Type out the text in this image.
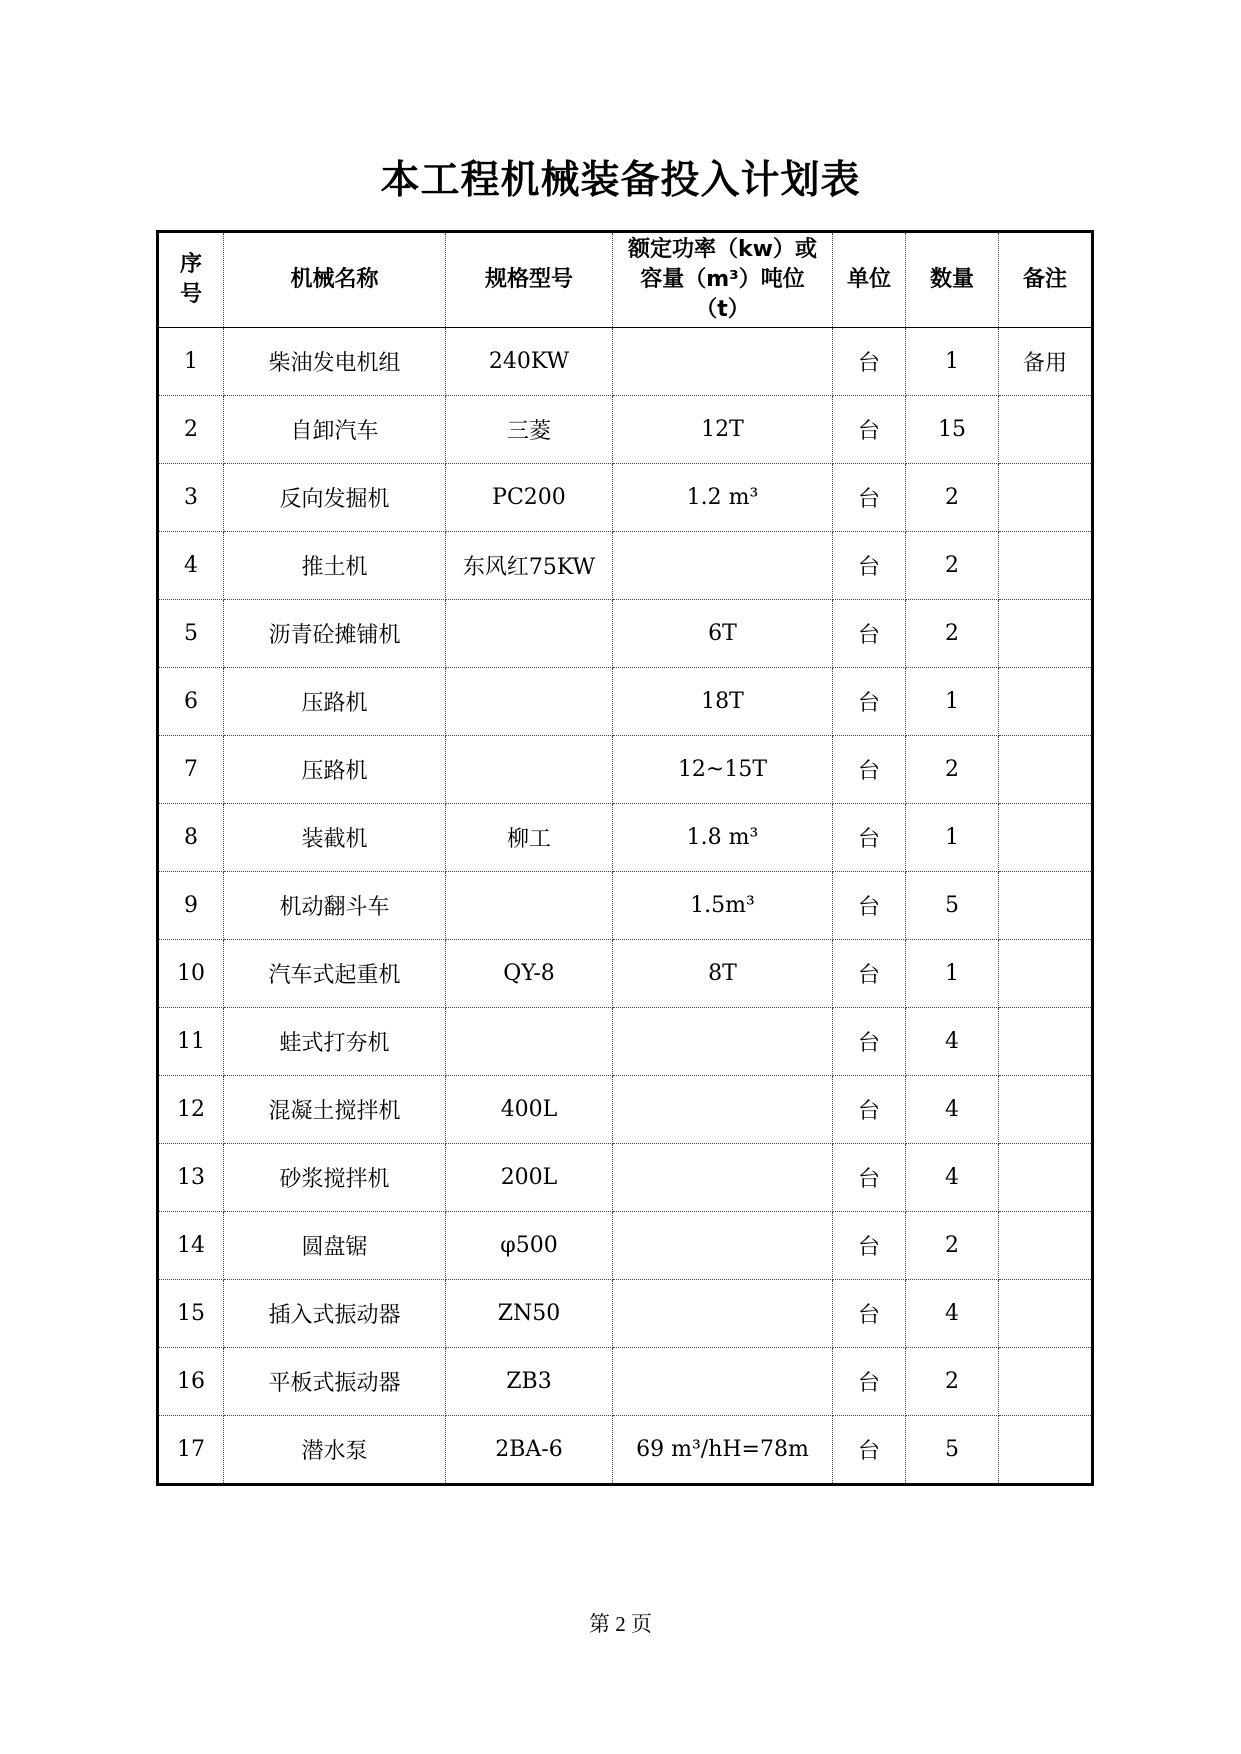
本工程机械装备投入计划表
序
号	机械名称	规格型号	额定功率（kw）或
容量（m³）吨位
（t）	单位	数量	备注
1	柴油发电机组	240KW		台	1	备用
2	自卸汽车	三菱	12T	台	15	
3	反向发掘机	PC200	1.2 m³	台	2	
4	推土机	东风红75KW		台	2	
5	沥青砼摊铺机		6T	台	2	
6	压路机		18T	台	1	
7	压路机		12~15T	台	2	
8	装截机	柳工	1.8 m³	台	1	
9	机动翻斗车		1.5m³	台	5	
10	汽车式起重机	QY-8	8T	台	1	
11	蛙式打夯机			台	4	
12	混凝土搅拌机	400L		台	4	
13	砂浆搅拌机	200L		台	4	
14	圆盘锯	φ500		台	2	
15	插入式振动器	ZN50		台	4	
16	平板式振动器	ZB3		台	2	
17	潜水泵	2BA-6	69 m³/hH=78m	台	5	
第 2 页
